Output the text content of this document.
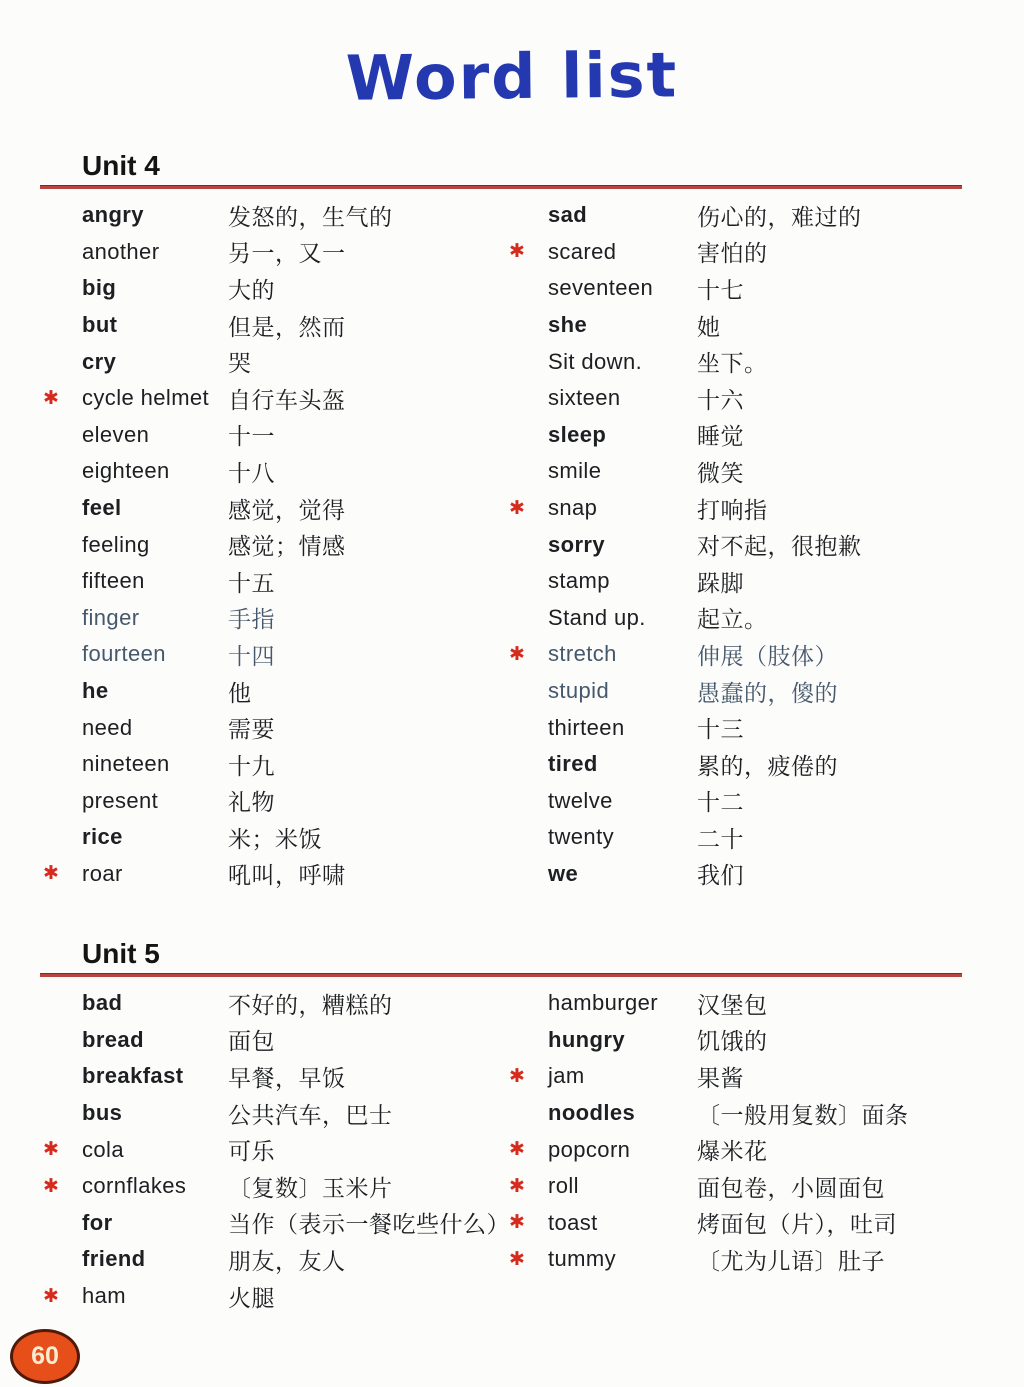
Word list
Unit 4
angry	发怒的，生气的
another	另一，又一
big	大的
but	但是，然而
cry	哭
✱	cycle helmet 自行车头盔
eleven	十一
eighteen	十八
feel	感觉，觉得
feeling	感觉；情感
fifteen	十五
finger	手指
fourteen	十四
he	他
need	需要
nineteen	十九
present	礼物
rice	米；米饭
✱	roar	吼叫，呼啸
sad	伤心的，难过的
✱	scared	害怕的
seventeen	十七
she	她
Sit down.	坐下。
sixteen	十六
sleep	睡觉
smile	微笑
✱	snap	打响指
sorry	对不起，很抱歉
stamp	跺脚
Stand up.	起立。
✱	stretch	伸展（肢体）
stupid	愚蠢的，傻的
thirteen	十三
tired	累的，疲倦的
twelve	十二
twenty	二十
we	我们
Unit 5
bad	不好的，糟糕的
bread	面包
breakfast	早餐，早饭
bus	公共汽车，巴士
✱	cola	可乐
✱	cornflakes	〔复数〕玉米片
for	当作（表示一餐吃些什么）
friend	朋友，友人
✱	ham	火腿
hamburger	汉堡包
hungry	饥饿的
✱	jam	果酱
noodles	〔一般用复数〕面条
✱	popcorn	爆米花
✱	roll	面包卷，小圆面包
✱	toast	烤面包（片），吐司
✱	tummy	〔尤为儿语〕肚子
60
